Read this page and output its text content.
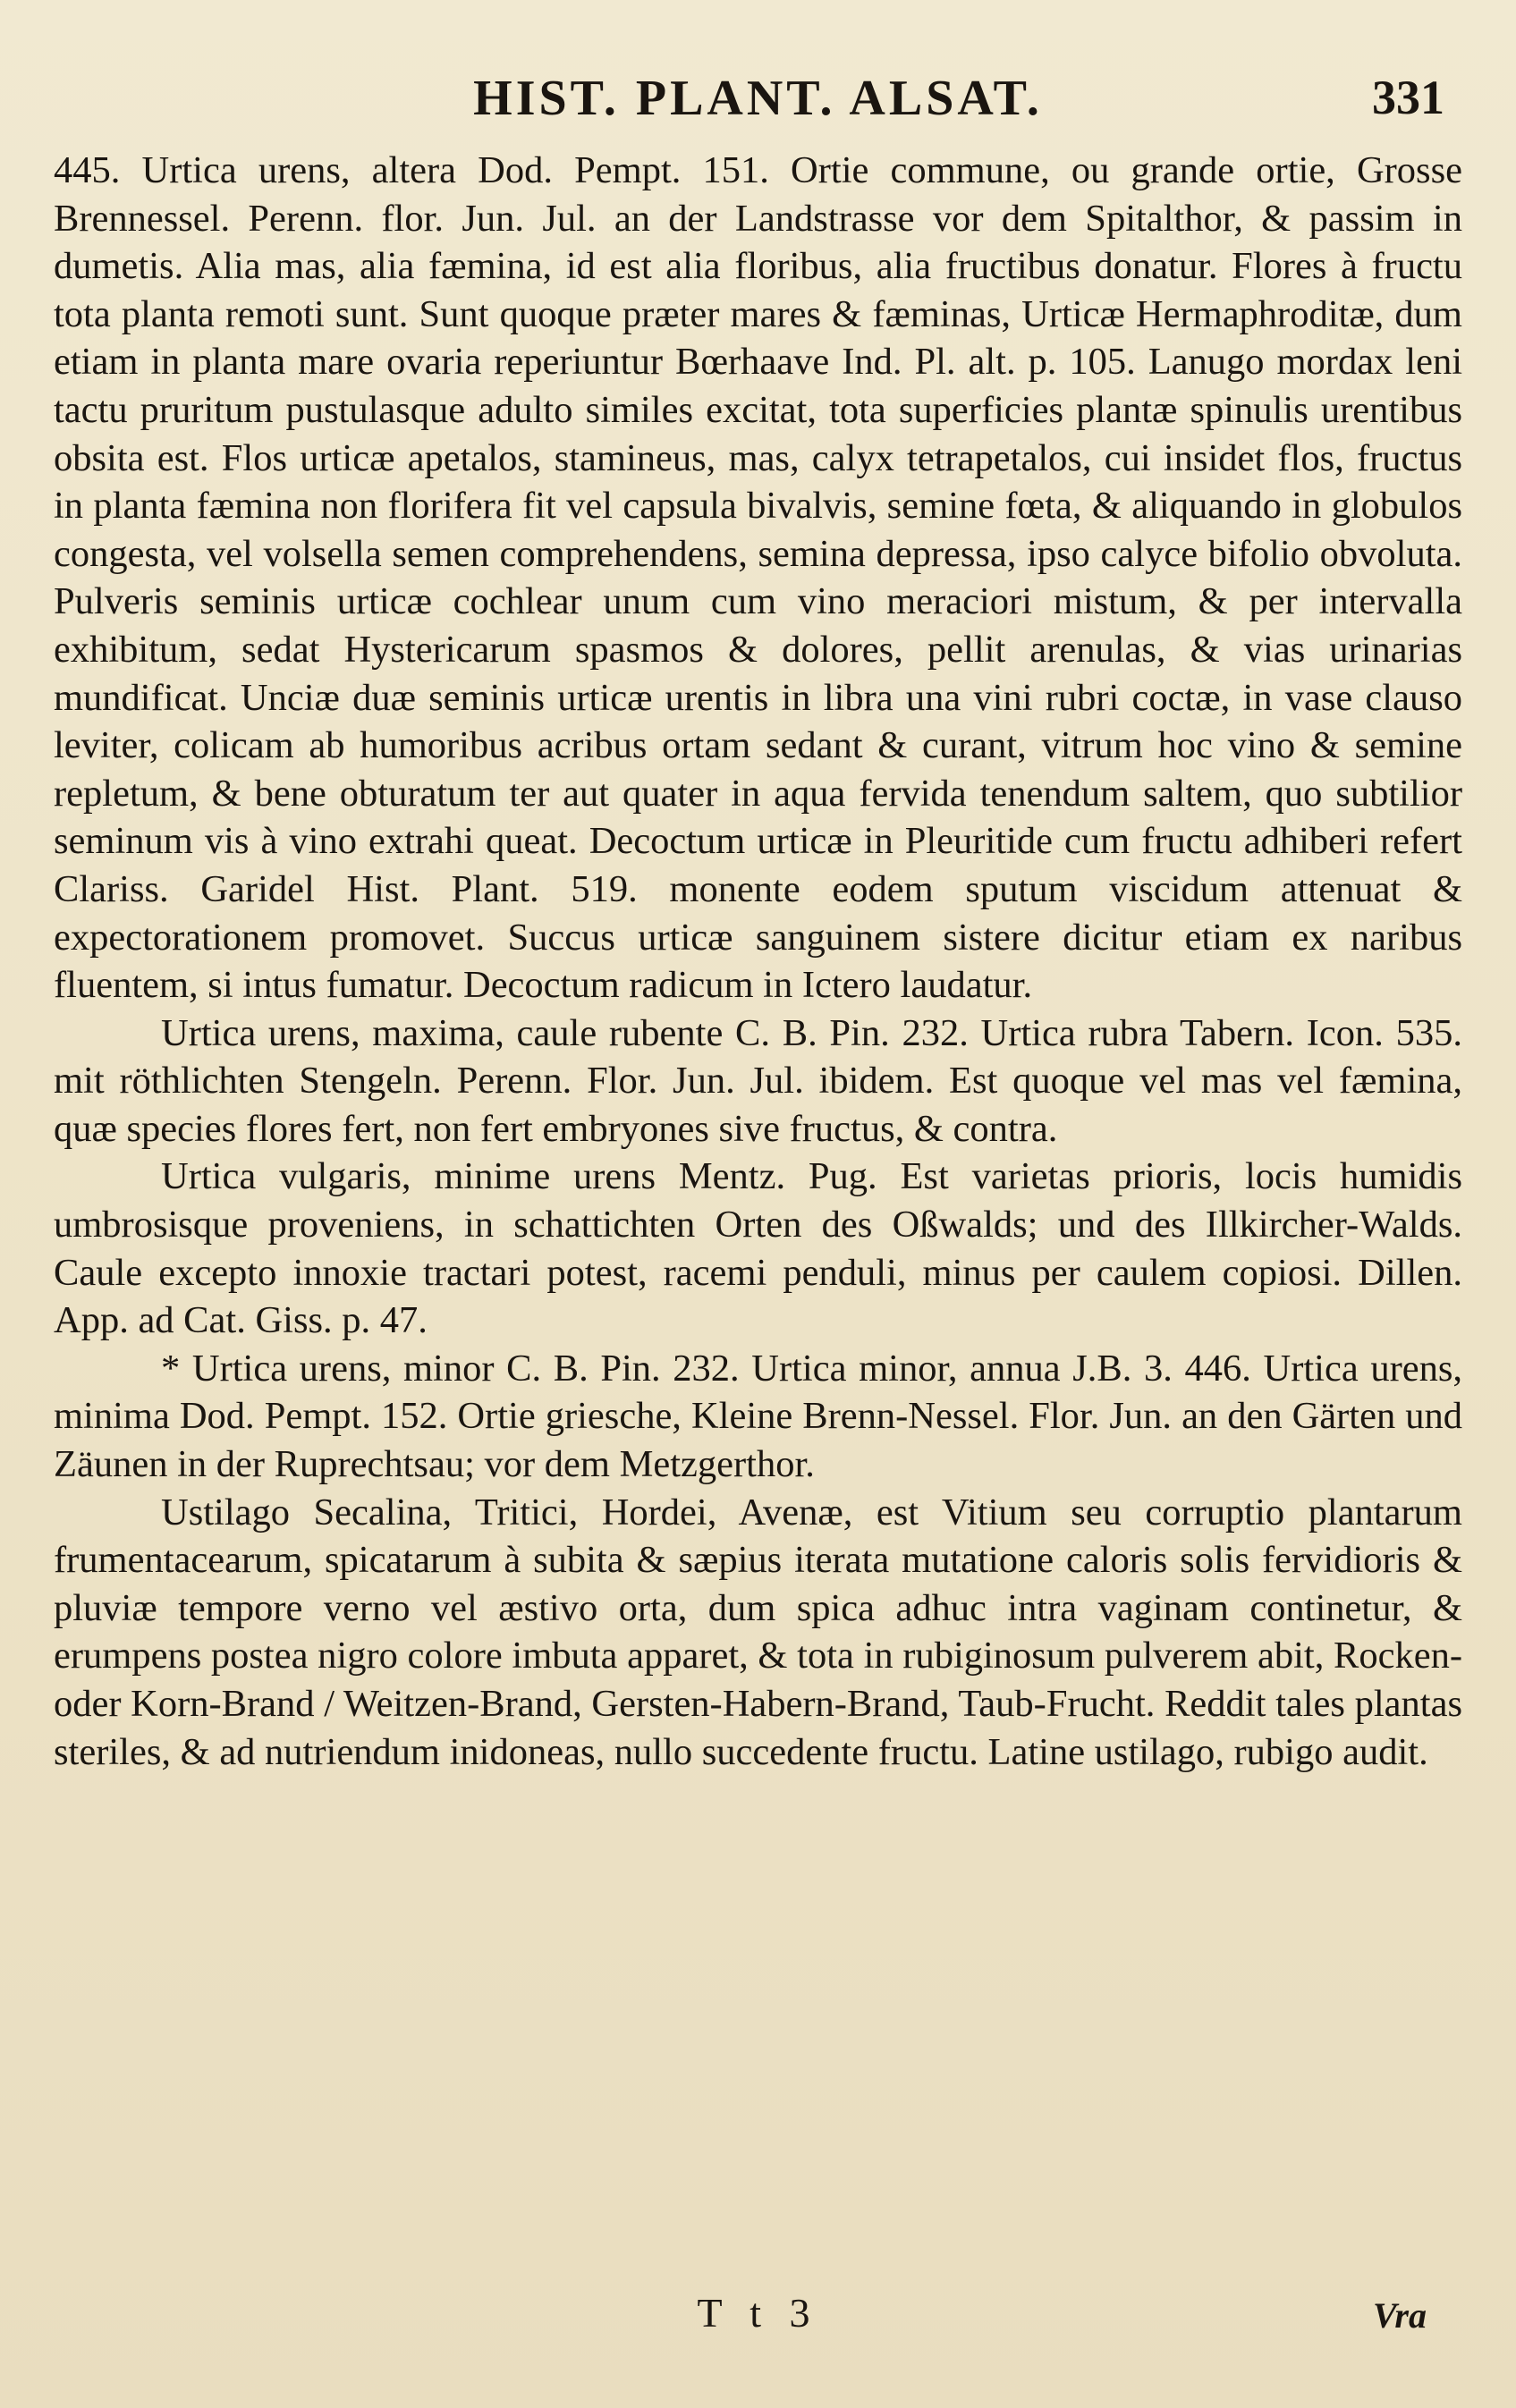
HIST. PLANT. ALSAT.	331

445. Urtica urens, altera Dod. Pempt. 151. Ortie commune, ou grande ortie, Grosse Brennessel. Perenn. flor. Jun. Jul. an der Landstrasse vor dem Spitalthor, & passim in dumetis. Alia mas, alia fæmina, id est alia floribus, alia fructibus donatur. Flores à fructu tota planta remoti sunt. Sunt quoque præter mares & fæminas, Urticæ Hermaphroditæ, dum etiam in planta mare ovaria reperiuntur Bœrhaave Ind. Pl. alt. p. 105. Lanugo mordax leni tactu pruritum pustulasque adulto similes excitat, tota superficies plantæ spinulis urentibus obsita est. Flos urticæ apetalos, stamineus, mas, calyx tetrapetalos, cui insidet flos, fructus in planta fæmina non florifera fit vel capsula bivalvis, semine fœta, & aliquando in globulos congesta, vel volsella semen comprehendens, semina depressa, ipso calyce bifolio obvoluta. Pulveris seminis urticæ cochlear unum cum vino meraciori mistum, & per intervalla exhibitum, sedat Hystericarum spasmos & dolores, pellit arenulas, & vias urinarias mundificat. Unciæ duæ seminis urticæ urentis in libra una vini rubri coctæ, in vase clauso leviter, colicam ab humoribus acribus ortam sedant & curant, vitrum hoc vino & semine repletum, & bene obturatum ter aut quater in aqua fervida tenendum saltem, quo subtilior seminum vis à vino extrahi queat. Decoctum urticæ in Pleuritide cum fructu adhiberi refert Clariss. Garidel Hist. Plant. 519. monente eodem sputum viscidum attenuat & expectorationem promovet. Succus urticæ sanguinem sistere dicitur etiam ex naribus fluentem, si intus fumatur. Decoctum radicum in Ictero laudatur.

Urtica urens, maxima, caule rubente C. B. Pin. 232. Urtica rubra Tabern. Icon. 535. mit röthlichten Stengeln. Perenn. Flor. Jun. Jul. ibidem. Est quoque vel mas vel fæmina, quæ species flores fert, non fert embryones sive fructus, & contra.

Urtica vulgaris, minime urens Mentz. Pug. Est varietas prioris, locis humidis umbrosisque proveniens, in schattichten Orten des Oßwalds; und des Illkircher-Walds. Caule excepto innoxie tractari potest, racemi penduli, minus per caulem copiosi. Dillen. App. ad Cat. Giss. p. 47.

* Urtica urens, minor C. B. Pin. 232. Urtica minor, annua J.B. 3. 446. Urtica urens, minima Dod. Pempt. 152. Ortie griesche, Kleine Brenn-Nessel. Flor. Jun. an den Gärten und Zäunen in der Ruprechtsau; vor dem Metzgerthor.

Ustilago Secalina, Tritici, Hordei, Avenæ, est Vitium seu corruptio plantarum frumentacearum, spicatarum à subita & sæpius iterata mutatione caloris solis fervidioris & pluviæ tempore verno vel æstivo orta, dum spica adhuc intra vaginam continetur, & erumpens postea nigro colore imbuta apparet, & tota in rubiginosum pulverem abit, Rocken- oder Korn-Brand / Weitzen-Brand, Gersten-Habern-Brand, Taub-Frucht. Reddit tales plantas steriles, & ad nutriendum inidoneas, nullo succedente fructu. Latine ustilago, rubigo audit.

T t 3	Vra
